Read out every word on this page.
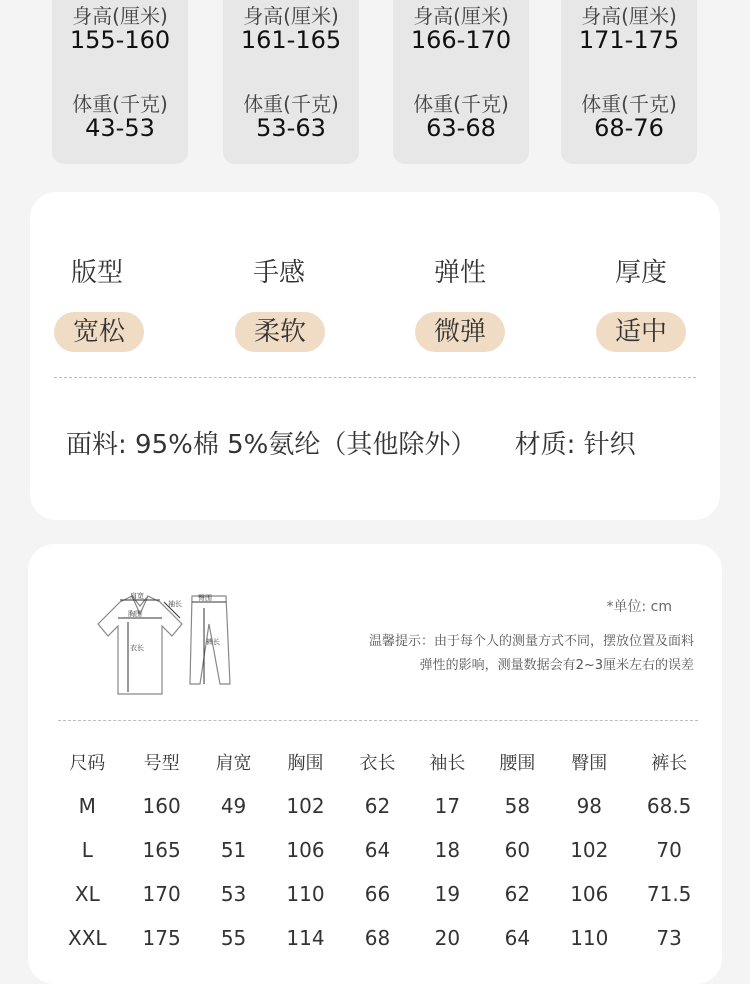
身高(厘米)
155-160
体重(千克)
43-53
身高(厘米)
161-165
体重(千克)
53-63
身高(厘米)
166-170
体重(千克)
63-68
身高(厘米)
171-175
体重(千克)
68-76
版型	手感	弹性	厚度
宽松	柔软	微弹	适中
面料: 95%棉 5%氨纶（其他除外） 材质: 针织
肩宽
胸围
袖长
衣长
臀围
裤长
*单位: cm
温馨提示：由于每个人的测量方式不同，摆放位置及面料
弹性的影响，测量数据会有2~3厘米左右的误差
尺码	号型	肩宽	胸围	衣长	袖长	腰围	臀围	裤长
M	160	49	102	62	17	58	98	68.5
L	165	51	106	64	18	60	102	70
XL	170	53	110	66	19	62	106	71.5
XXL	175	55	114	68	20	64	110	73
